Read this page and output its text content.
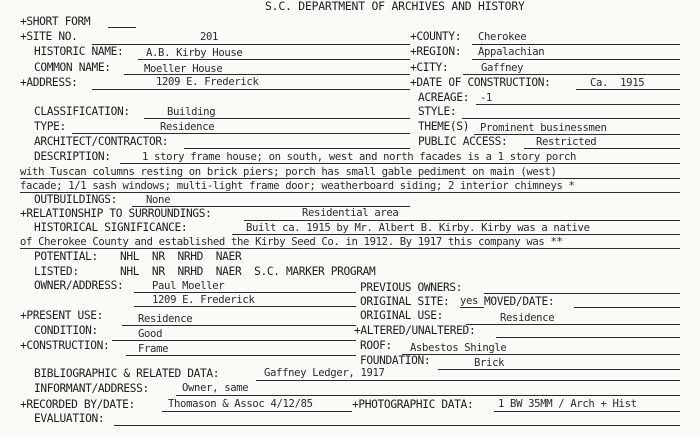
S.C. DEPARTMENT OF ARCHIVES AND HISTORY
+SHORT FORM
+SITE NO.	201	+COUNTY: Cherokee
HISTORIC NAME: A.B. Kirby House	+REGION: Appalachian
COMMON NAME:	Moeller House	+CITY:	Gaffney
+ADDRESS:	1209 E. Frederick	+DATE OF CONSTRUCTION:	Ca.  1915
ACREAGE: -1
CLASSIFICATION:	Building	STYLE:
TYPE:	Residence	THEME(S) Prominent businessmen
ARCHITECT/CONTRACTOR:	PUBLIC ACCESS:	Restricted
DESCRIPTION:	1 story frame house; on south, west and north facades is a 1 story porch
with Tuscan columns resting on brick piers; porch has small gable pediment on main (west)
facade; 1/1 sash windows; multi-light frame door; weatherboard siding; 2 interior chimneys *
OUTBUILDINGS:	None
+RELATIONSHIP TO SURROUNDINGS:	Residential area
HISTORICAL SIGNIFICANCE:	Built ca. 1915 by Mr. Albert B. Kirby. Kirby was a native
of Cherokee County and established the Kirby Seed Co. in 1912. By 1917 this company was **
POTENTIAL: NHL  NR  NRHD  NAER
LISTED:	NHL  NR  NRHD  NAER  S.C. MARKER PROGRAM
OWNER/ADDRESS:	Paul Moeller
1209 E. Frederick
PREVIOUS OWNERS:
ORIGINAL SITE: yes MOVED/DATE:
+PRESENT USE:	Residence	ORIGINAL USE:	Residence
CONDITION:	Good	+ALTERED/UNALTERED:
+CONSTRUCTION:	Frame	ROOF: Asbestos Shingle
FOUNDATION:	Brick
BIBLIOGRAPHIC & RELATED DATA:	Gaffney Ledger, 1917
INFORMANT/ADDRESS:	Owner, same
+RECORDED BY/DATE:	Thomason & Assoc 4/12/85	+PHOTOGRAPHIC DATA: 1 BW 35MM / Arch + Hist
EVALUATION:
